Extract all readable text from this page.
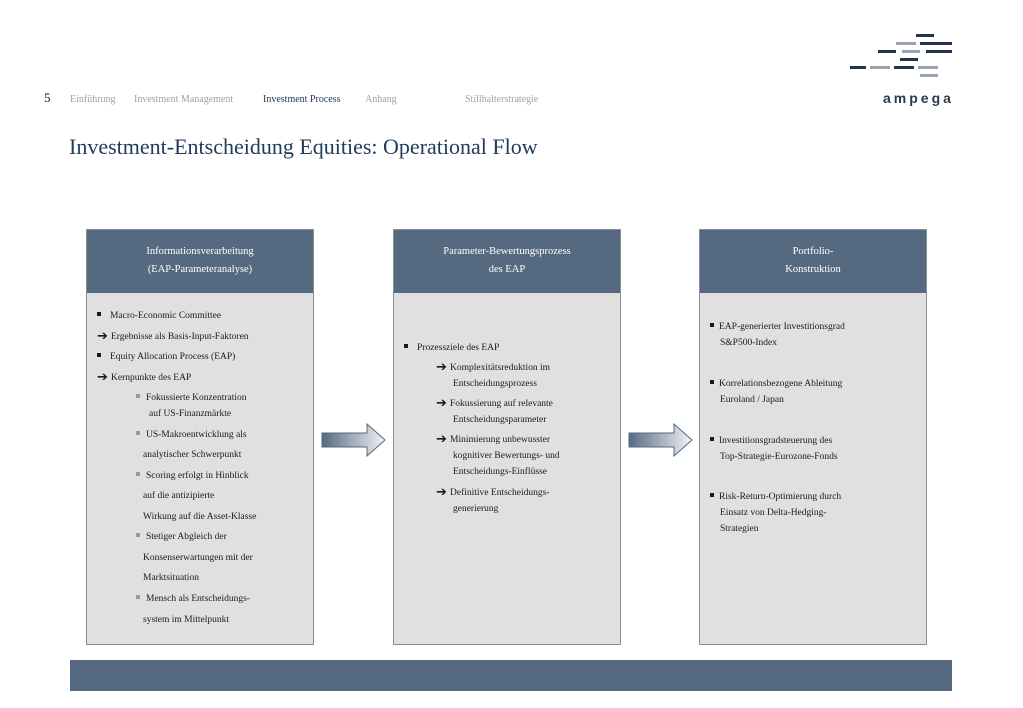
5 Einführung Investment Management	Investment Process Anhang	Stillhalterstrategie	ampega
Investment-Entscheidung Equities: Operational Flow
Informationsverarbeitung
(EAP-Parameteranalyse)
Macro-Economic Committee
➔ Ergebnisse als Basis-Input-Faktoren
Equity Allocation Process (EAP)
➔ Kernpunkte des EAP
Fokussierte Konzentration
auf US-Finanzmärkte
US-Makroentwicklung als
analytischer Schwerpunkt
Scoring erfolgt in Hinblick
auf die antizipierte
Wirkung auf die Asset-Klasse
Stetiger Abgleich der
Konsenserwartungen mit der
Marktsituation
Mensch als Entscheidungs-
system im Mittelpunkt
Parameter-Bewertungsprozess
des EAP
Prozessziele des EAP
➔ Komplexitätsreduktion im
Entscheidungsprozess
➔ Fokussierung auf relevante
Entscheidungsparameter
➔ Minimierung unbewusster
kognitiver Bewertungs- und
Entscheidungs-Einflüsse
➔ Definitive Entscheidungs-
generierung
Portfolio-
Konstruktion
EAP-generierter Investitionsgrad
S&P500-Index
Korrelationsbezogene Ableitung
Euroland / Japan
Investitionsgradsteuerung des
Top-Strategie-Eurozone-Fonds
Risk-Return-Optimierung durch
Einsatz von Delta-Hedging-
Strategien
